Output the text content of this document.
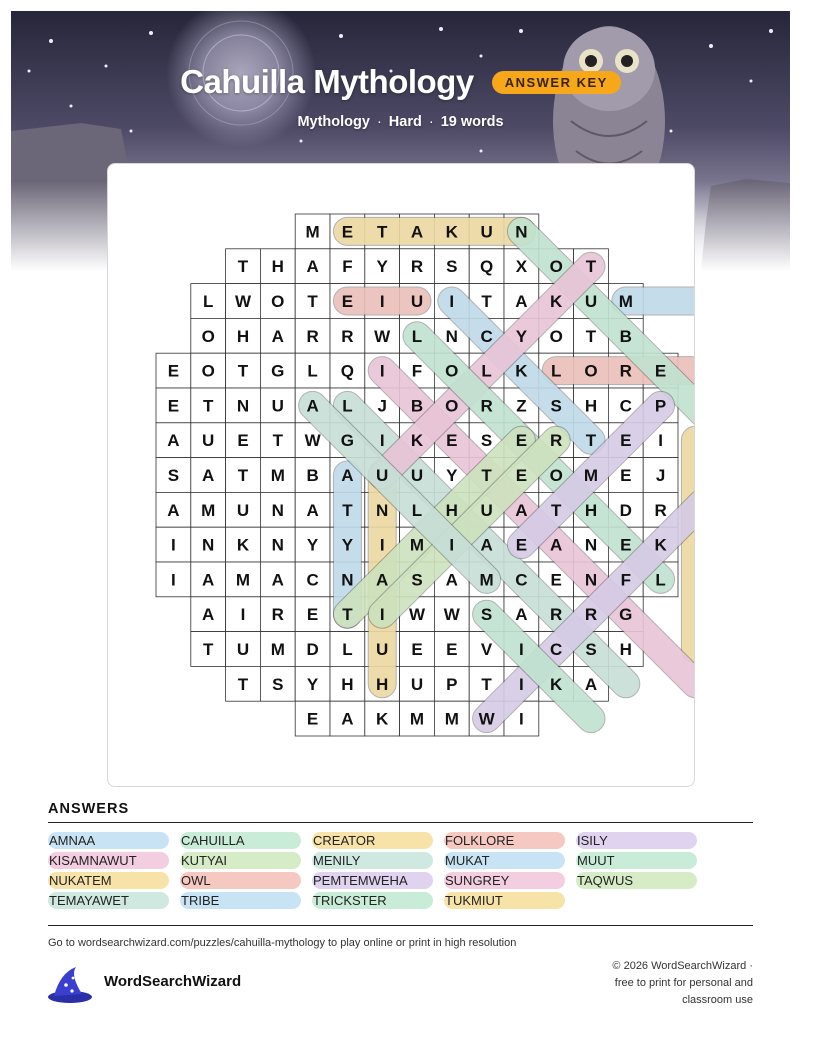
Cahuilla Mythology ANSWER KEY
Mythology · Hard · 19 words
M E T A K U N
T H A F Y R S Q X O T
L W O T E I U I T A K U M
O H A R R W L N C Y O T B
E O T G L Q I F O L K L O R E
E T N U A L J B O R Z S H C P
A U E T W G I K E S E R T E I
S A T M B A U U Y T E O M E J
A M U N A T N L H U A T H D R
I N K N Y Y I M I A E A N E K
I A M A C N A S A M C E N F L
A I R E T I W W S A R R G
T U M D L U E E V I C S H
T S Y H H U P T I K A
E A K M M W I
ANSWERS
AMNAA
KISAMNAWUT
NUKATEM
TEMAYAWET
CAHUILLA
KUTYAI
OWL
TRIBE
CREATOR
MENILY
PEMTEMWEHA
TRICKSTER
FOLKLORE
MUKAT
SUNGREY
TUKMIUT
ISILY
MUUT
TAQWUS
Go to wordsearchwizard.com/puzzles/cahuilla-mythology to play online or print in high resolution
WordSearchWizard
© 2026 WordSearchWizard ·
free to print for personal and
classroom use
